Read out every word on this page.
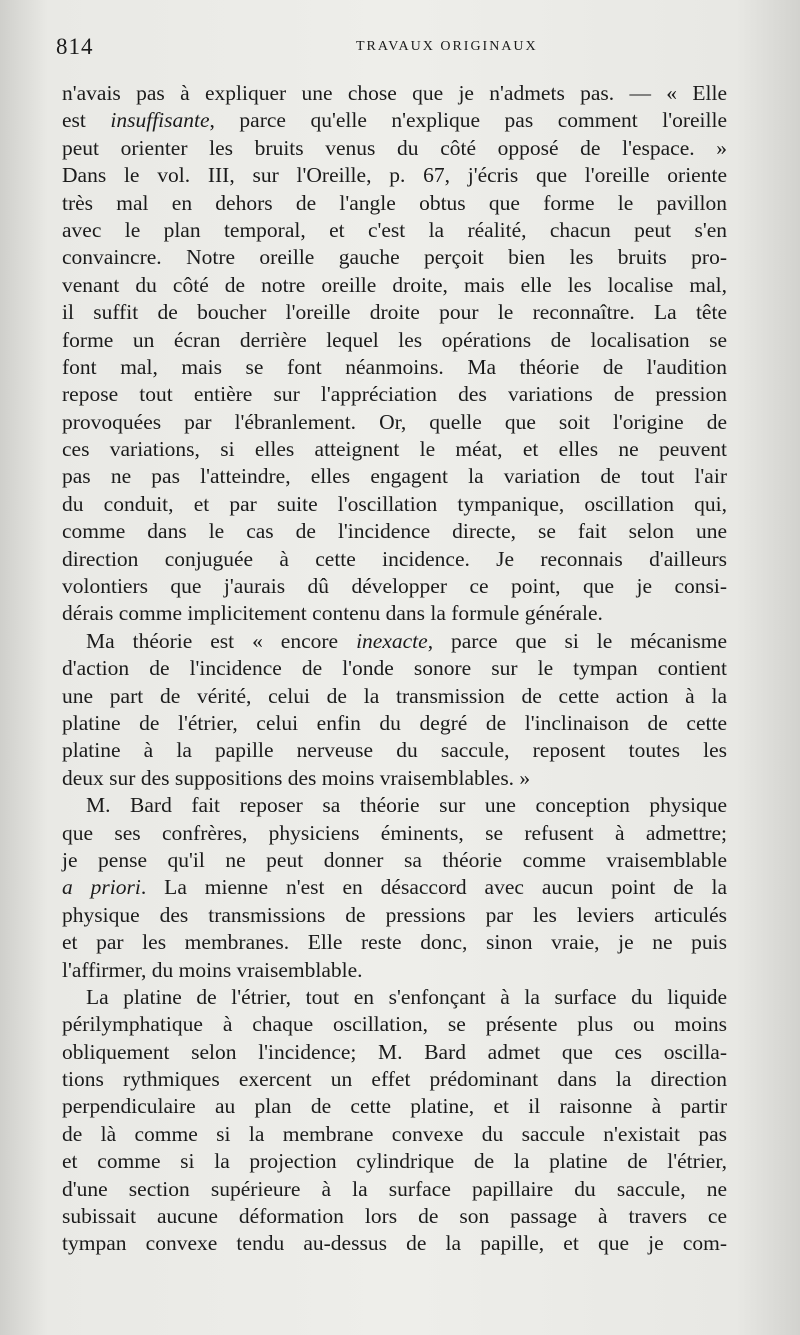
814	TRAVAUX ORIGINAUX
n'avais pas à expliquer une chose que je n'admets pas. — « Elle
est insuffisante, parce qu'elle n'explique pas comment l'oreille
peut orienter les bruits venus du côté opposé de l'espace. »
Dans le vol. III, sur l'Oreille, p. 67, j'écris que l'oreille oriente
très mal en dehors de l'angle obtus que forme le pavillon
avec le plan temporal, et c'est la réalité, chacun peut s'en
convaincre. Notre oreille gauche perçoit bien les bruits pro-
venant du côté de notre oreille droite, mais elle les localise mal,
il suffit de boucher l'oreille droite pour le reconnaître. La tête
forme un écran derrière lequel les opérations de localisation se
font mal, mais se font néanmoins. Ma théorie de l'audition
repose tout entière sur l'appréciation des variations de pression
provoquées par l'ébranlement. Or, quelle que soit l'origine de
ces variations, si elles atteignent le méat, et elles ne peuvent
pas ne pas l'atteindre, elles engagent la variation de tout l'air
du conduit, et par suite l'oscillation tympanique, oscillation qui,
comme dans le cas de l'incidence directe, se fait selon une
direction conjuguée à cette incidence. Je reconnais d'ailleurs
volontiers que j'aurais dû développer ce point, que je consi-
dérais comme implicitement contenu dans la formule générale.
Ma théorie est « encore inexacte, parce que si le mécanisme
d'action de l'incidence de l'onde sonore sur le tympan contient
une part de vérité, celui de la transmission de cette action à la
platine de l'étrier, celui enfin du degré de l'inclinaison de cette
platine à la papille nerveuse du saccule, reposent toutes les
deux sur des suppositions des moins vraisemblables. »
M. Bard fait reposer sa théorie sur une conception physique
que ses confrères, physiciens éminents, se refusent à admettre;
je pense qu'il ne peut donner sa théorie comme vraisemblable
a priori. La mienne n'est en désaccord avec aucun point de la
physique des transmissions de pressions par les leviers articulés
et par les membranes. Elle reste donc, sinon vraie, je ne puis
l'affirmer, du moins vraisemblable.
La platine de l'étrier, tout en s'enfonçant à la surface du liquide
périlymphatique à chaque oscillation, se présente plus ou moins
obliquement selon l'incidence; M. Bard admet que ces oscilla-
tions rythmiques exercent un effet prédominant dans la direction
perpendiculaire au plan de cette platine, et il raisonne à partir
de là comme si la membrane convexe du saccule n'existait pas
et comme si la projection cylindrique de la platine de l'étrier,
d'une section supérieure à la surface papillaire du saccule, ne
subissait aucune déformation lors de son passage à travers ce
tympan convexe tendu au-dessus de la papille, et que je com-
